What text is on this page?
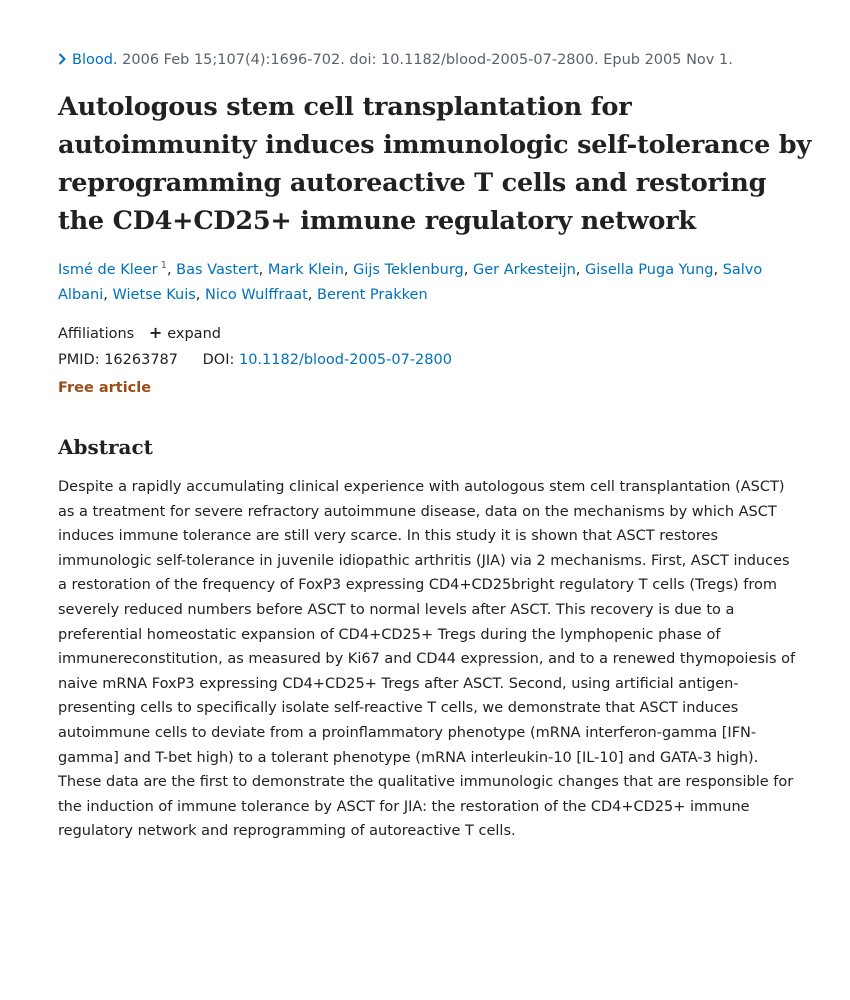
Blood. 2006 Feb 15;107(4):1696-702. doi: 10.1182/blood-2005-07-2800. Epub 2005 Nov 1.
Autologous stem cell transplantation for autoimmunity induces immunologic self-tolerance by reprogramming autoreactive T cells and restoring the CD4+CD25+ immune regulatory network
Ismé de Kleer $^1$, Bas Vastert, Mark Klein, Gijs Teklenburg, Ger Arkesteijn, Gisella Puga Yung, Salvo Albani, Wietse Kuis, Nico Wulffraat, Berent Prakken
Affiliations + expand
PMID: 16263787 DOI: 10.1182/blood-2005-07-2800
Free article
Abstract

Despite a rapidly accumulating clinical experience with autologous stem cell transplantation (ASCT) as a treatment for severe refractory autoimmune disease, data on the mechanisms by which ASCT induces immune tolerance are still very scarce. In this study it is shown that ASCT restores immunologic self-tolerance in juvenile idiopathic arthritis (JIA) via 2 mechanisms. First, ASCT induces a restoration of the frequency of FoxP3 expressing CD4+CD25bright regulatory T cells (Tregs) from severely reduced numbers before ASCT to normal levels after ASCT. This recovery is due to a preferential homeostatic expansion of CD4+CD25+ Tregs during the lymphopenic phase of immunereconstitution, as measured by Ki67 and CD44 expression, and to a renewed thymopoiesis of naive mRNA FoxP3 expressing CD4+CD25+ Tregs after ASCT. Second, using artificial antigen-presenting cells to specifically isolate self-reactive T cells, we demonstrate that ASCT induces autoimmune cells to deviate from a proinflammatory phenotype (mRNA interferon-gamma [IFN-gamma] and T-bet high) to a tolerant phenotype (mRNA interleukin-10 [IL-10] and GATA-3 high). These data are the first to demonstrate the qualitative immunologic changes that are responsible for the induction of immune tolerance by ASCT for JIA: the restoration of the CD4+CD25+ immune regulatory network and reprogramming of autoreactive T cells.
